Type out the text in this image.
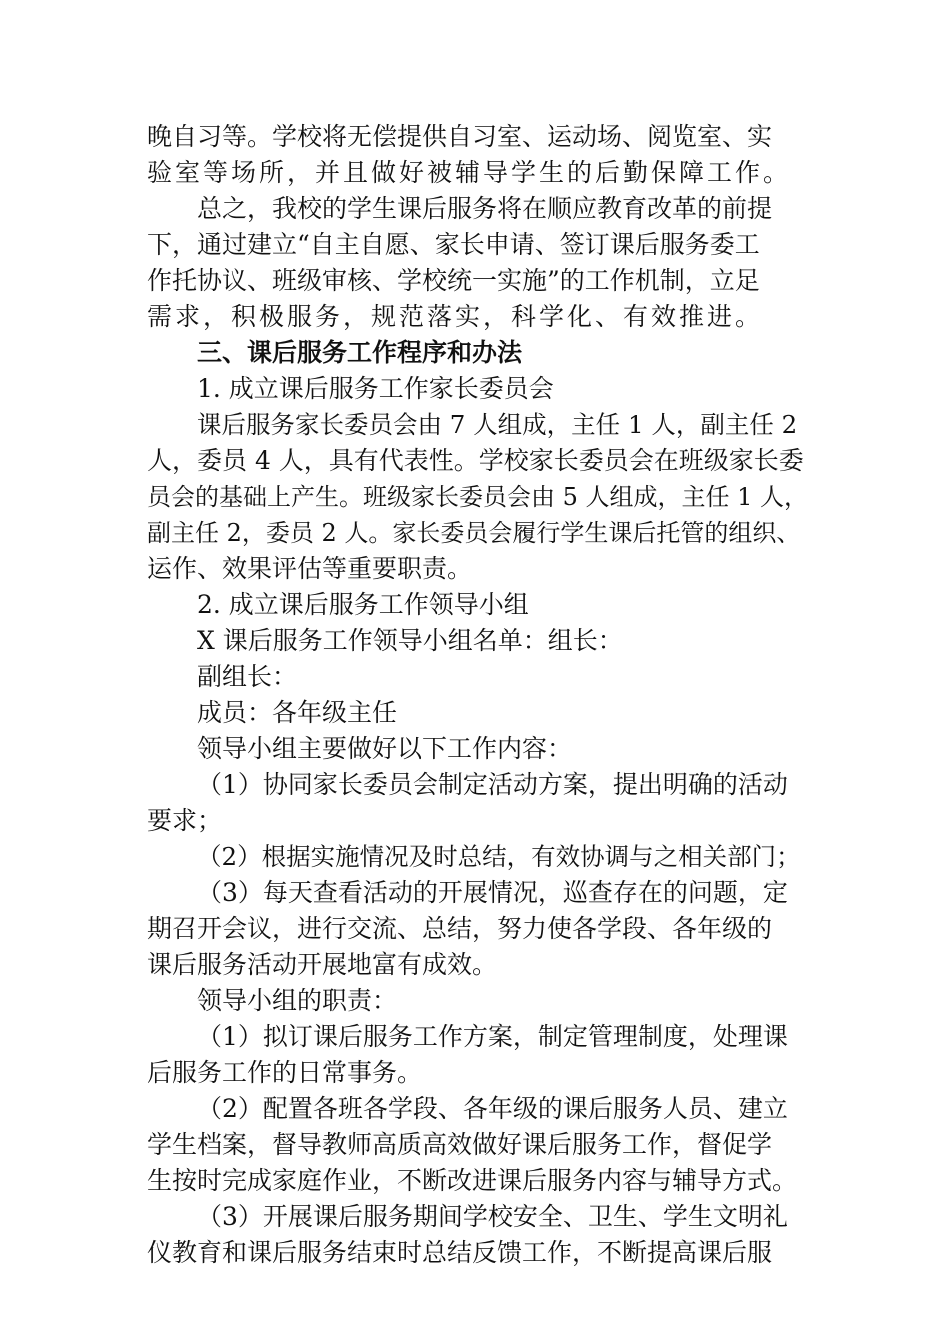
晚自习等。学校将无偿提供自习室、运动场、阅览室、实

验室等场所，并且做好被辅导学生的后勤保障工作。

总之，我校的学生课后服务将在顺应教育改革的前提

下，通过建立“自主自愿、家长申请、签订课后服务委工

作托协议、班级审核、学校统一实施”的工作机制，立足

需求，积极服务，规范落实，科学化、有效推进。

三、课后服务工作程序和办法

1. 成立课后服务工作家长委员会

课后服务家长委员会由 7 人组成，主任 1 人，副主任 2

人，委员 4 人，具有代表性。学校家长委员会在班级家长委

员会的基础上产生。班级家长委员会由 5 人组成，主任 1 人，

副主任 2，委员 2 人。家长委员会履行学生课后托管的组织、

运作、效果评估等重要职责。

2. 成立课后服务工作领导小组

X 课后服务工作领导小组名单：组长：

副组长：

成员：各年级主任

领导小组主要做好以下工作内容：

（1）协同家长委员会制定活动方案，提出明确的活动

要求；

（2）根据实施情况及时总结，有效协调与之相关部门；

（3）每天查看活动的开展情况，巡查存在的问题，定

期召开会议，进行交流、总结，努力使各学段、各年级的

课后服务活动开展地富有成效。

领导小组的职责：

（1）拟订课后服务工作方案，制定管理制度，处理课

后服务工作的日常事务。

（2）配置各班各学段、各年级的课后服务人员、建立

学生档案，督导教师高质高效做好课后服务工作，督促学

生按时完成家庭作业，不断改进课后服务内容与辅导方式。

（3）开展课后服务期间学校安全、卫生、学生文明礼

仪教育和课后服务结束时总结反馈工作，不断提高课后服
